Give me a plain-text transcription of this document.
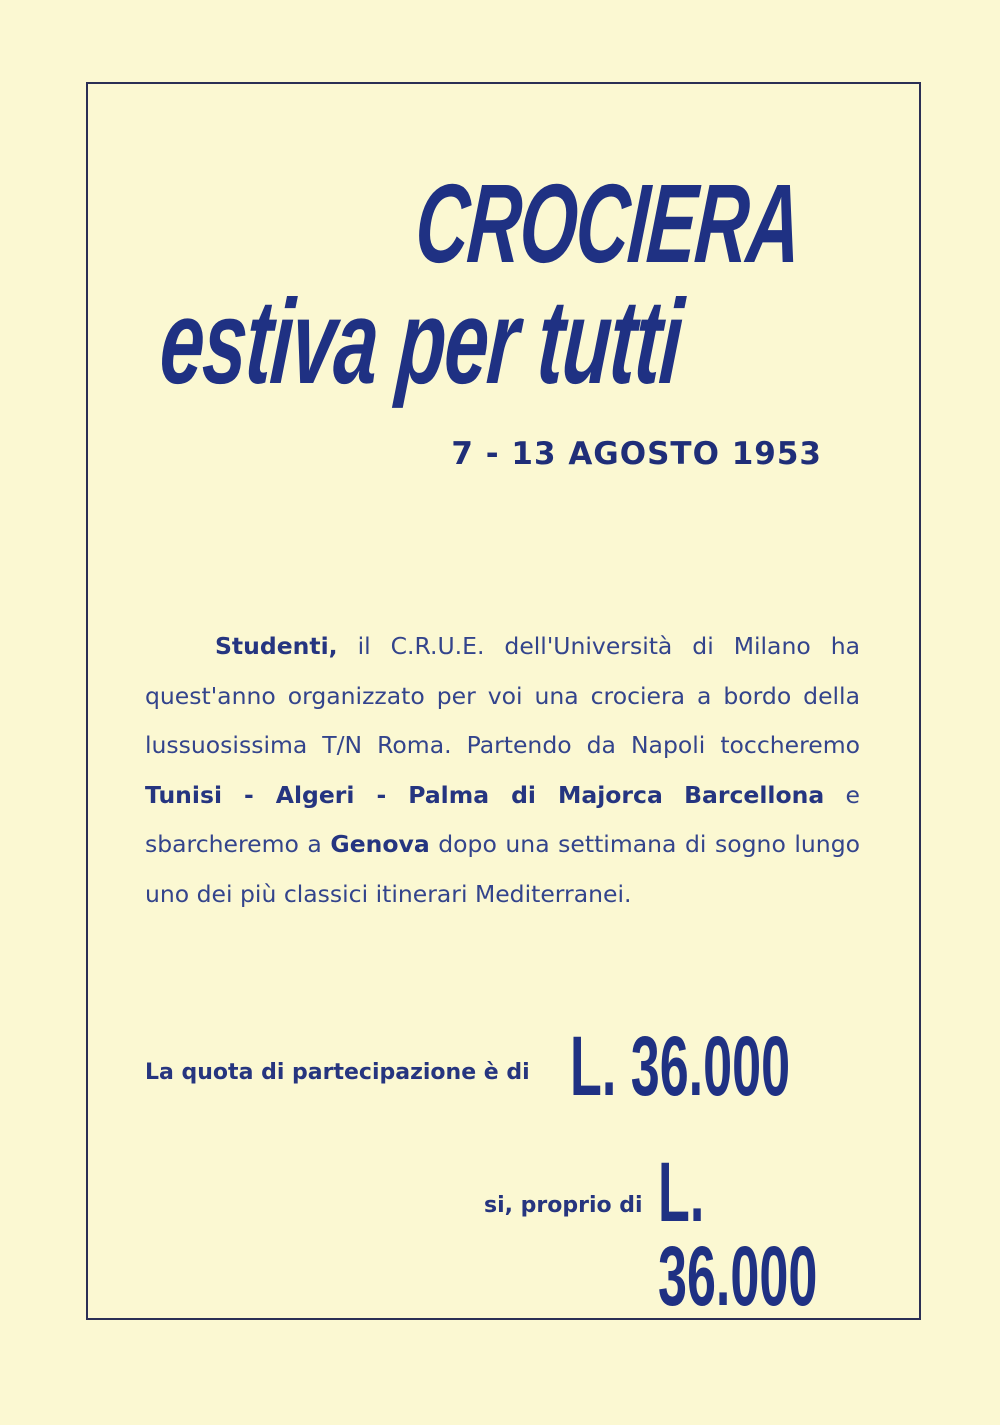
CROCIERA
estiva per tutti
7 - 13 AGOSTO 1953
Studenti, il C.R.U.E. dell'Università di Milano ha quest'anno organizzato per voi una crociera a bordo della lussuosissima T/N Roma. Partendo da Napoli toccheremo Tunisi - Algeri - Palma di Majorca Barcellona e sbarcheremo a Genova dopo una settimana di sogno lungo uno dei più classici itinerari Mediterranei.
La quota di partecipazione è di L. 36.000
si, proprio di L. 36.000
